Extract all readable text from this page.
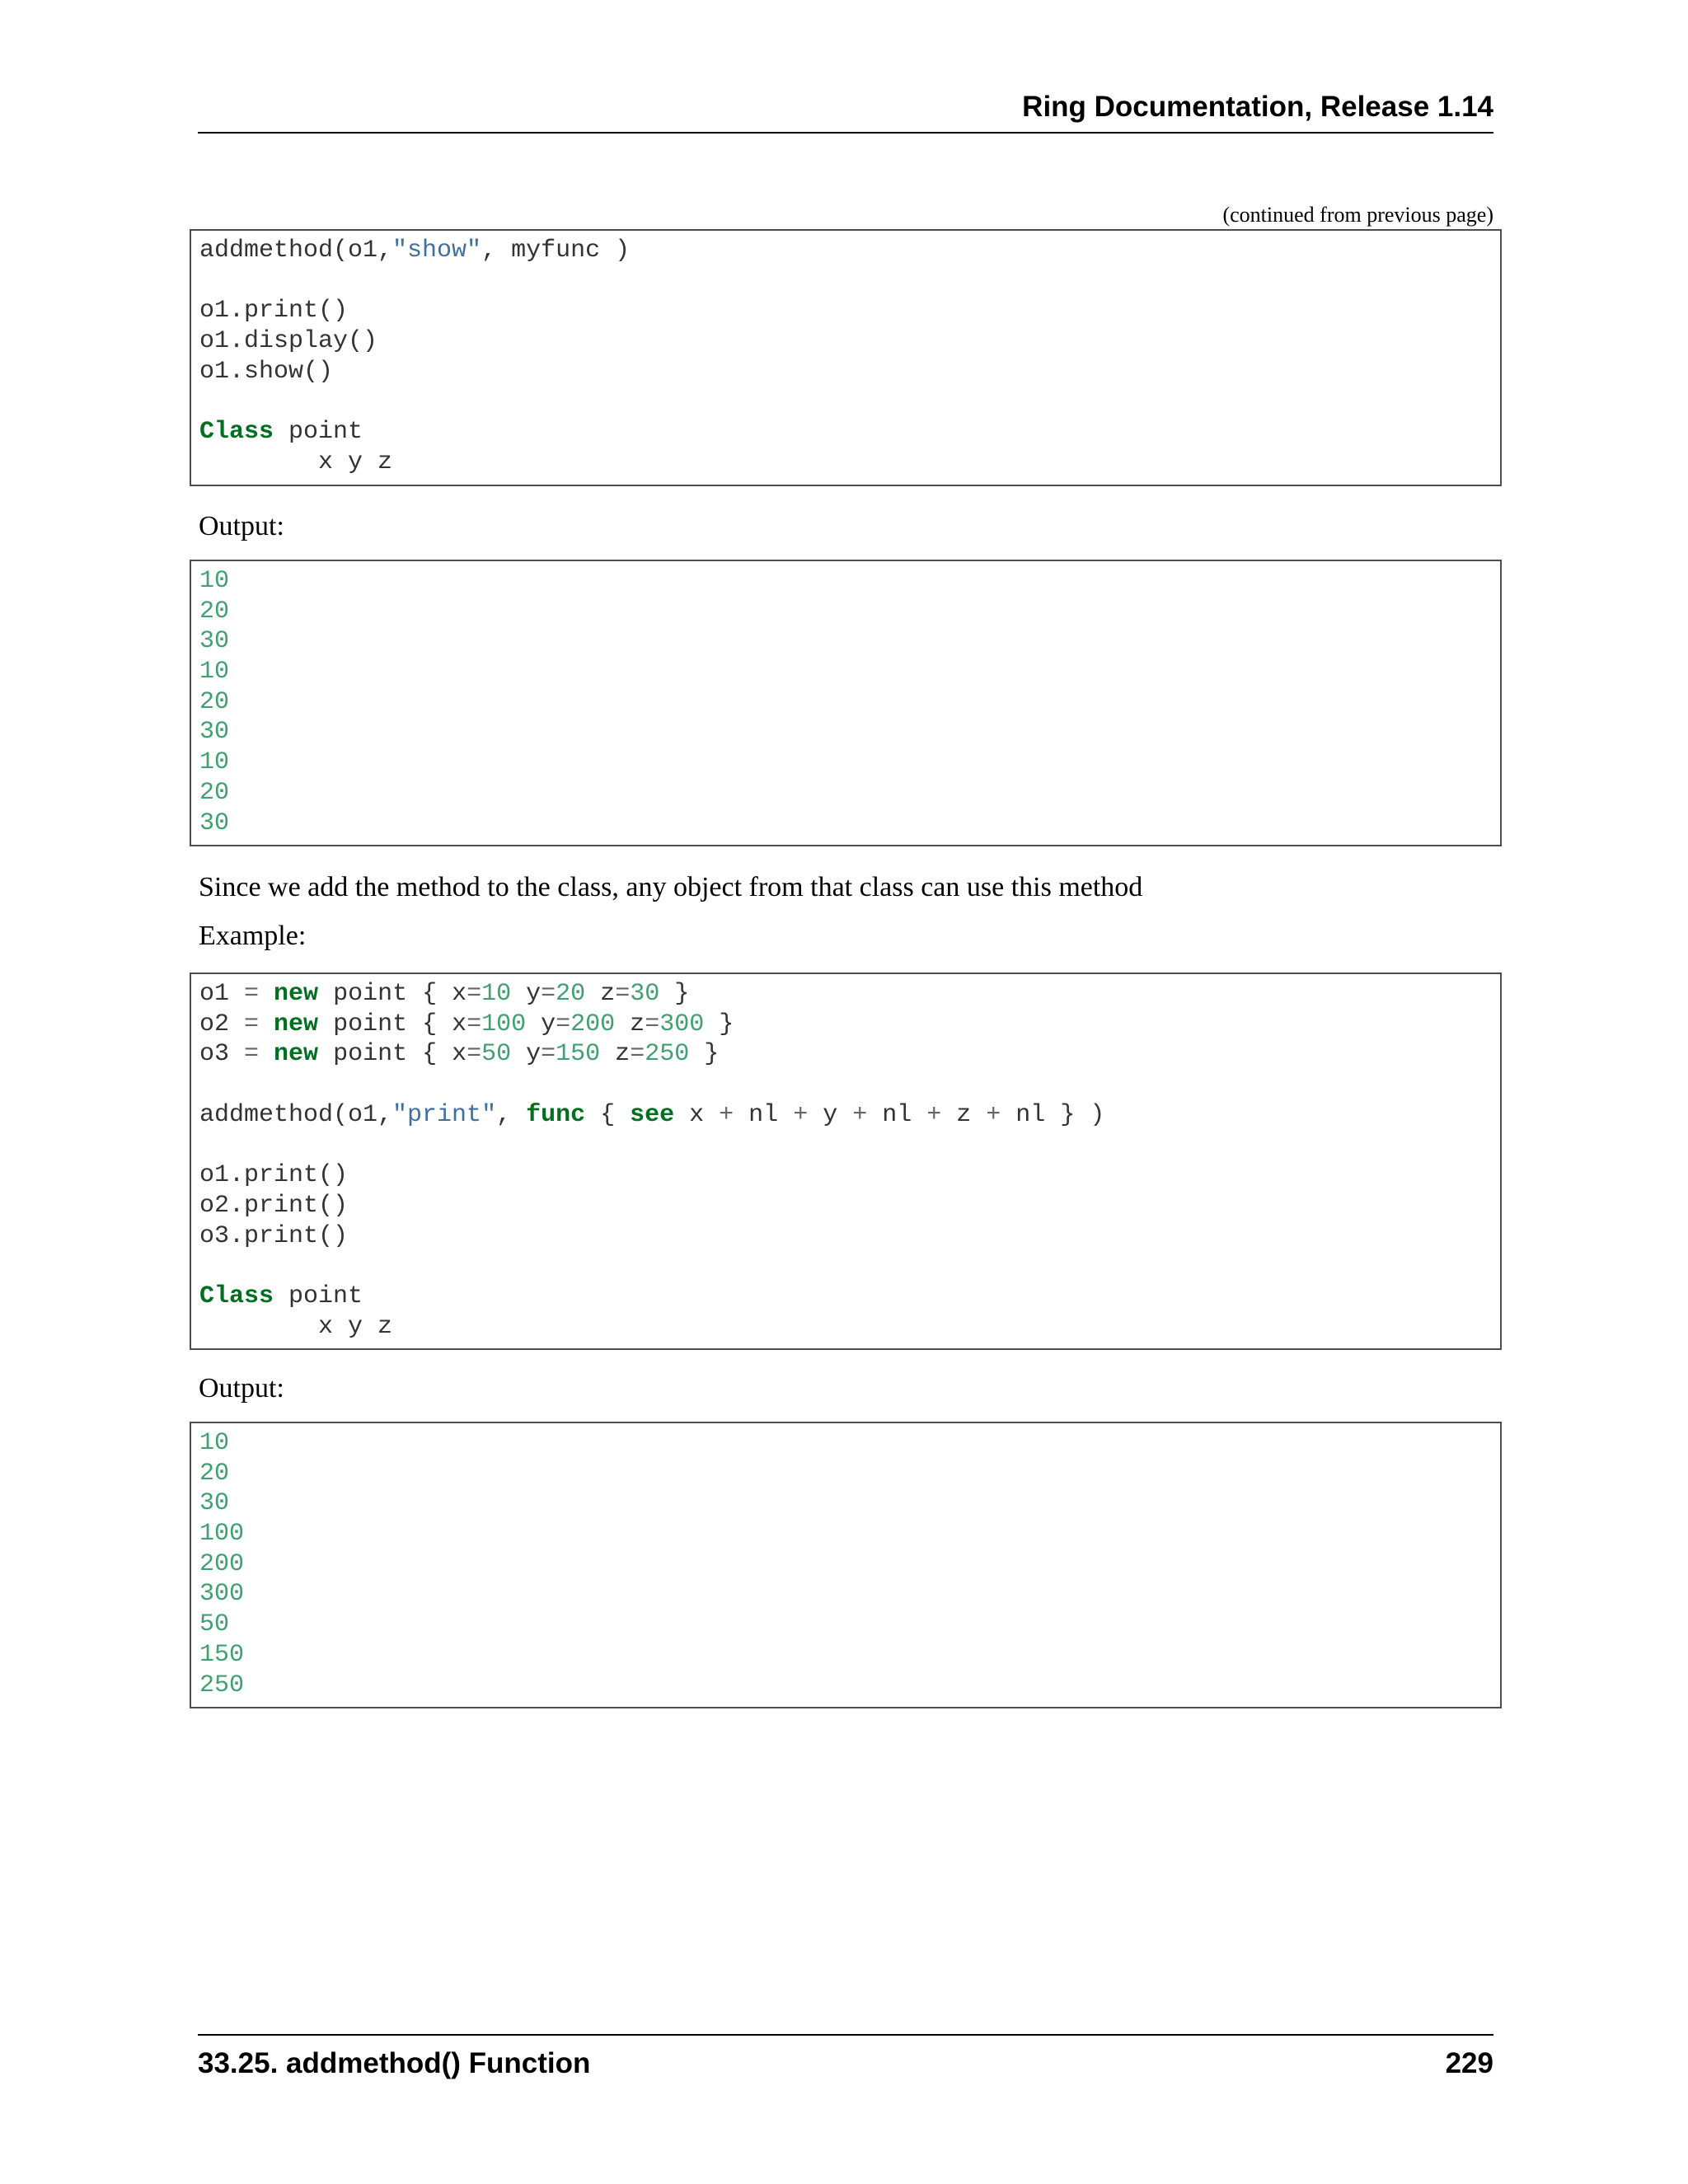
Ring Documentation, Release 1.14
(continued from previous page)
addmethod(o1,"show", myfunc )
o1.print()
o1.display()
o1.show()
Class point
x y z
Output:
10
20
30
10
20
30
10
20
30
Since we add the method to the class, any object from that class can use this method
Example:
o1 = new point { x=10 y=20 z=30 }
o2 = new point { x=100 y=200 z=300 }
o3 = new point { x=50 y=150 z=250 }
addmethod(o1,"print", func { see x + nl + y + nl + z + nl } )
o1.print()
o2.print()
o3.print()
Class point
x y z
Output:
10
20
30
100
200
300
50
150
250
33.25. addmethod() Function	229
